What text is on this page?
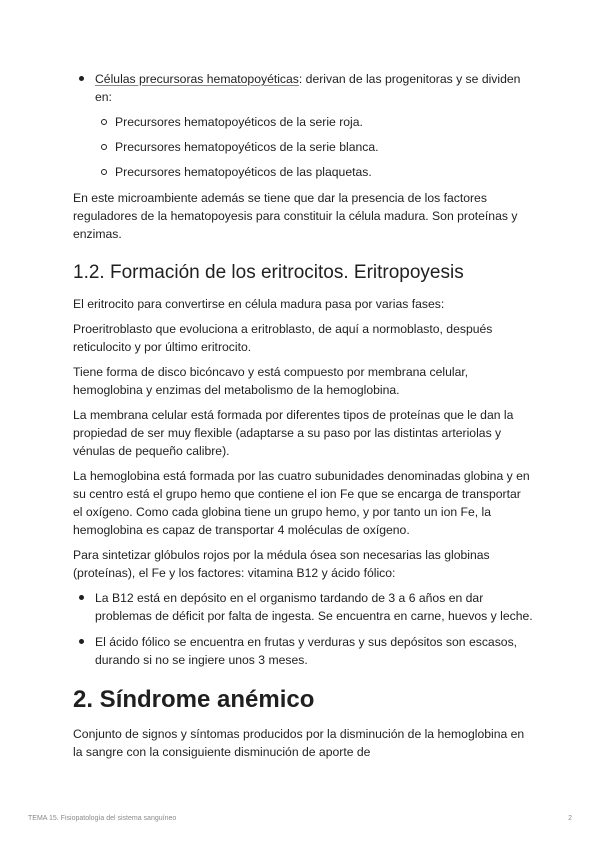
Células precursoras hematopoyéticas: derivan de las progenitoras y se dividen en:
Precursores hematopoyéticos de la serie roja.
Precursores hematopoyéticos de la serie blanca.
Precursores hematopoyéticos de las plaquetas.

En este microambiente además se tiene que dar la presencia de los factores reguladores de la hematopoyesis para constituir la célula madura. Son proteínas y enzimas.

1.2. Formación de los eritrocitos. Eritropoyesis

El eritrocito para convertirse en célula madura pasa por varias fases:

Proeritroblasto que evoluciona a eritroblasto, de aquí a normoblasto, después reticulocito y por último eritrocito.

Tiene forma de disco bicóncavo y está compuesto por membrana celular, hemoglobina y enzimas del metabolismo de la hemoglobina.

La membrana celular está formada por diferentes tipos de proteínas que le dan la propiedad de ser muy flexible (adaptarse a su paso por las distintas arteriolas y vénulas de pequeño calibre).

La hemoglobina está formada por las cuatro subunidades denominadas globina y en su centro está el grupo hemo que contiene el ion Fe que se encarga de transportar el oxígeno. Como cada globina tiene un grupo hemo, y por tanto un ion Fe, la hemoglobina es capaz de transportar 4 moléculas de oxígeno.

Para sintetizar glóbulos rojos por la médula ósea son necesarias las globinas (proteínas), el Fe y los factores: vitamina B12 y ácido fólico:

La B12 está en depósito en el organismo tardando de 3 a 6 años en dar problemas de déficit por falta de ingesta. Se encuentra en carne, huevos y leche.
El ácido fólico se encuentra en frutas y verduras y sus depósitos son escasos, durando si no se ingiere unos 3 meses.
2. Síndrome anémico

Conjunto de signos y síntomas producidos por la disminución de la hemoglobina en la sangre con la consiguiente disminución de aporte de

TEMA 15. Fisiopatología del sistema sanguíneo	2
